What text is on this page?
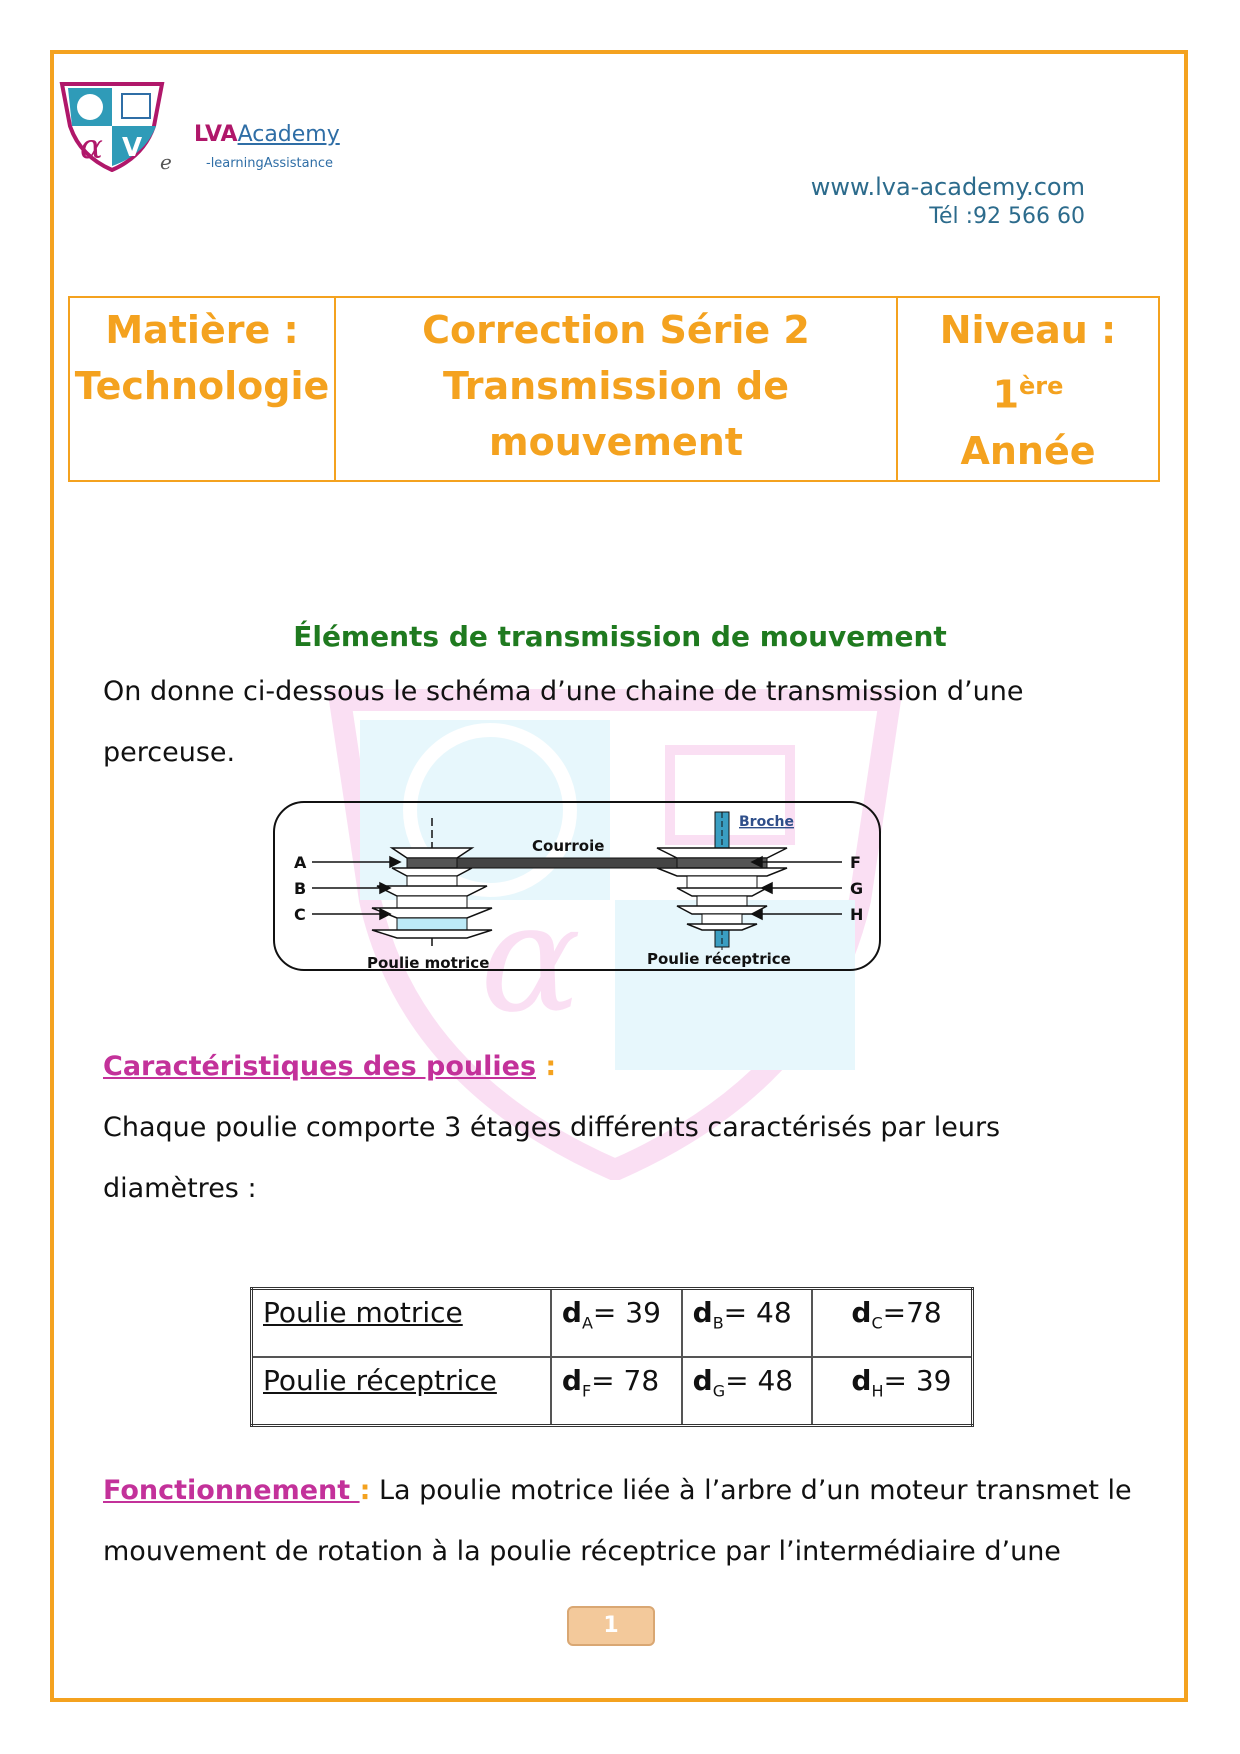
α
α V e
LVAAcademy
-learningAssistance
www.lva-academy.com
Tél :92 566 60
Matière :
Technologie

Correction Série 2
Transmission de
mouvement

Niveau : 1ère
Année
Éléments de transmission de mouvement
On donne ci-dessous le schéma d’une chaine de transmission d’une perceuse.
A
B
C
F
G
H
Courroie
Poulie motrice	Poulie réceptrice
Broche
Caractéristiques des poulies :
Chaque poulie comporte 3 étages différents caractérisés par leurs diamètres :
Poulie motrice	$d_A= 39$	$d_B= 48$	$d_C=78$
Poulie réceptrice	$d_F= 78$	$d_G= 48$	$d_H= 39$
Fonctionnement : La poulie motrice liée à l’arbre d’un moteur transmet le mouvement de rotation à la poulie réceptrice par l’intermédiaire d’une
1
